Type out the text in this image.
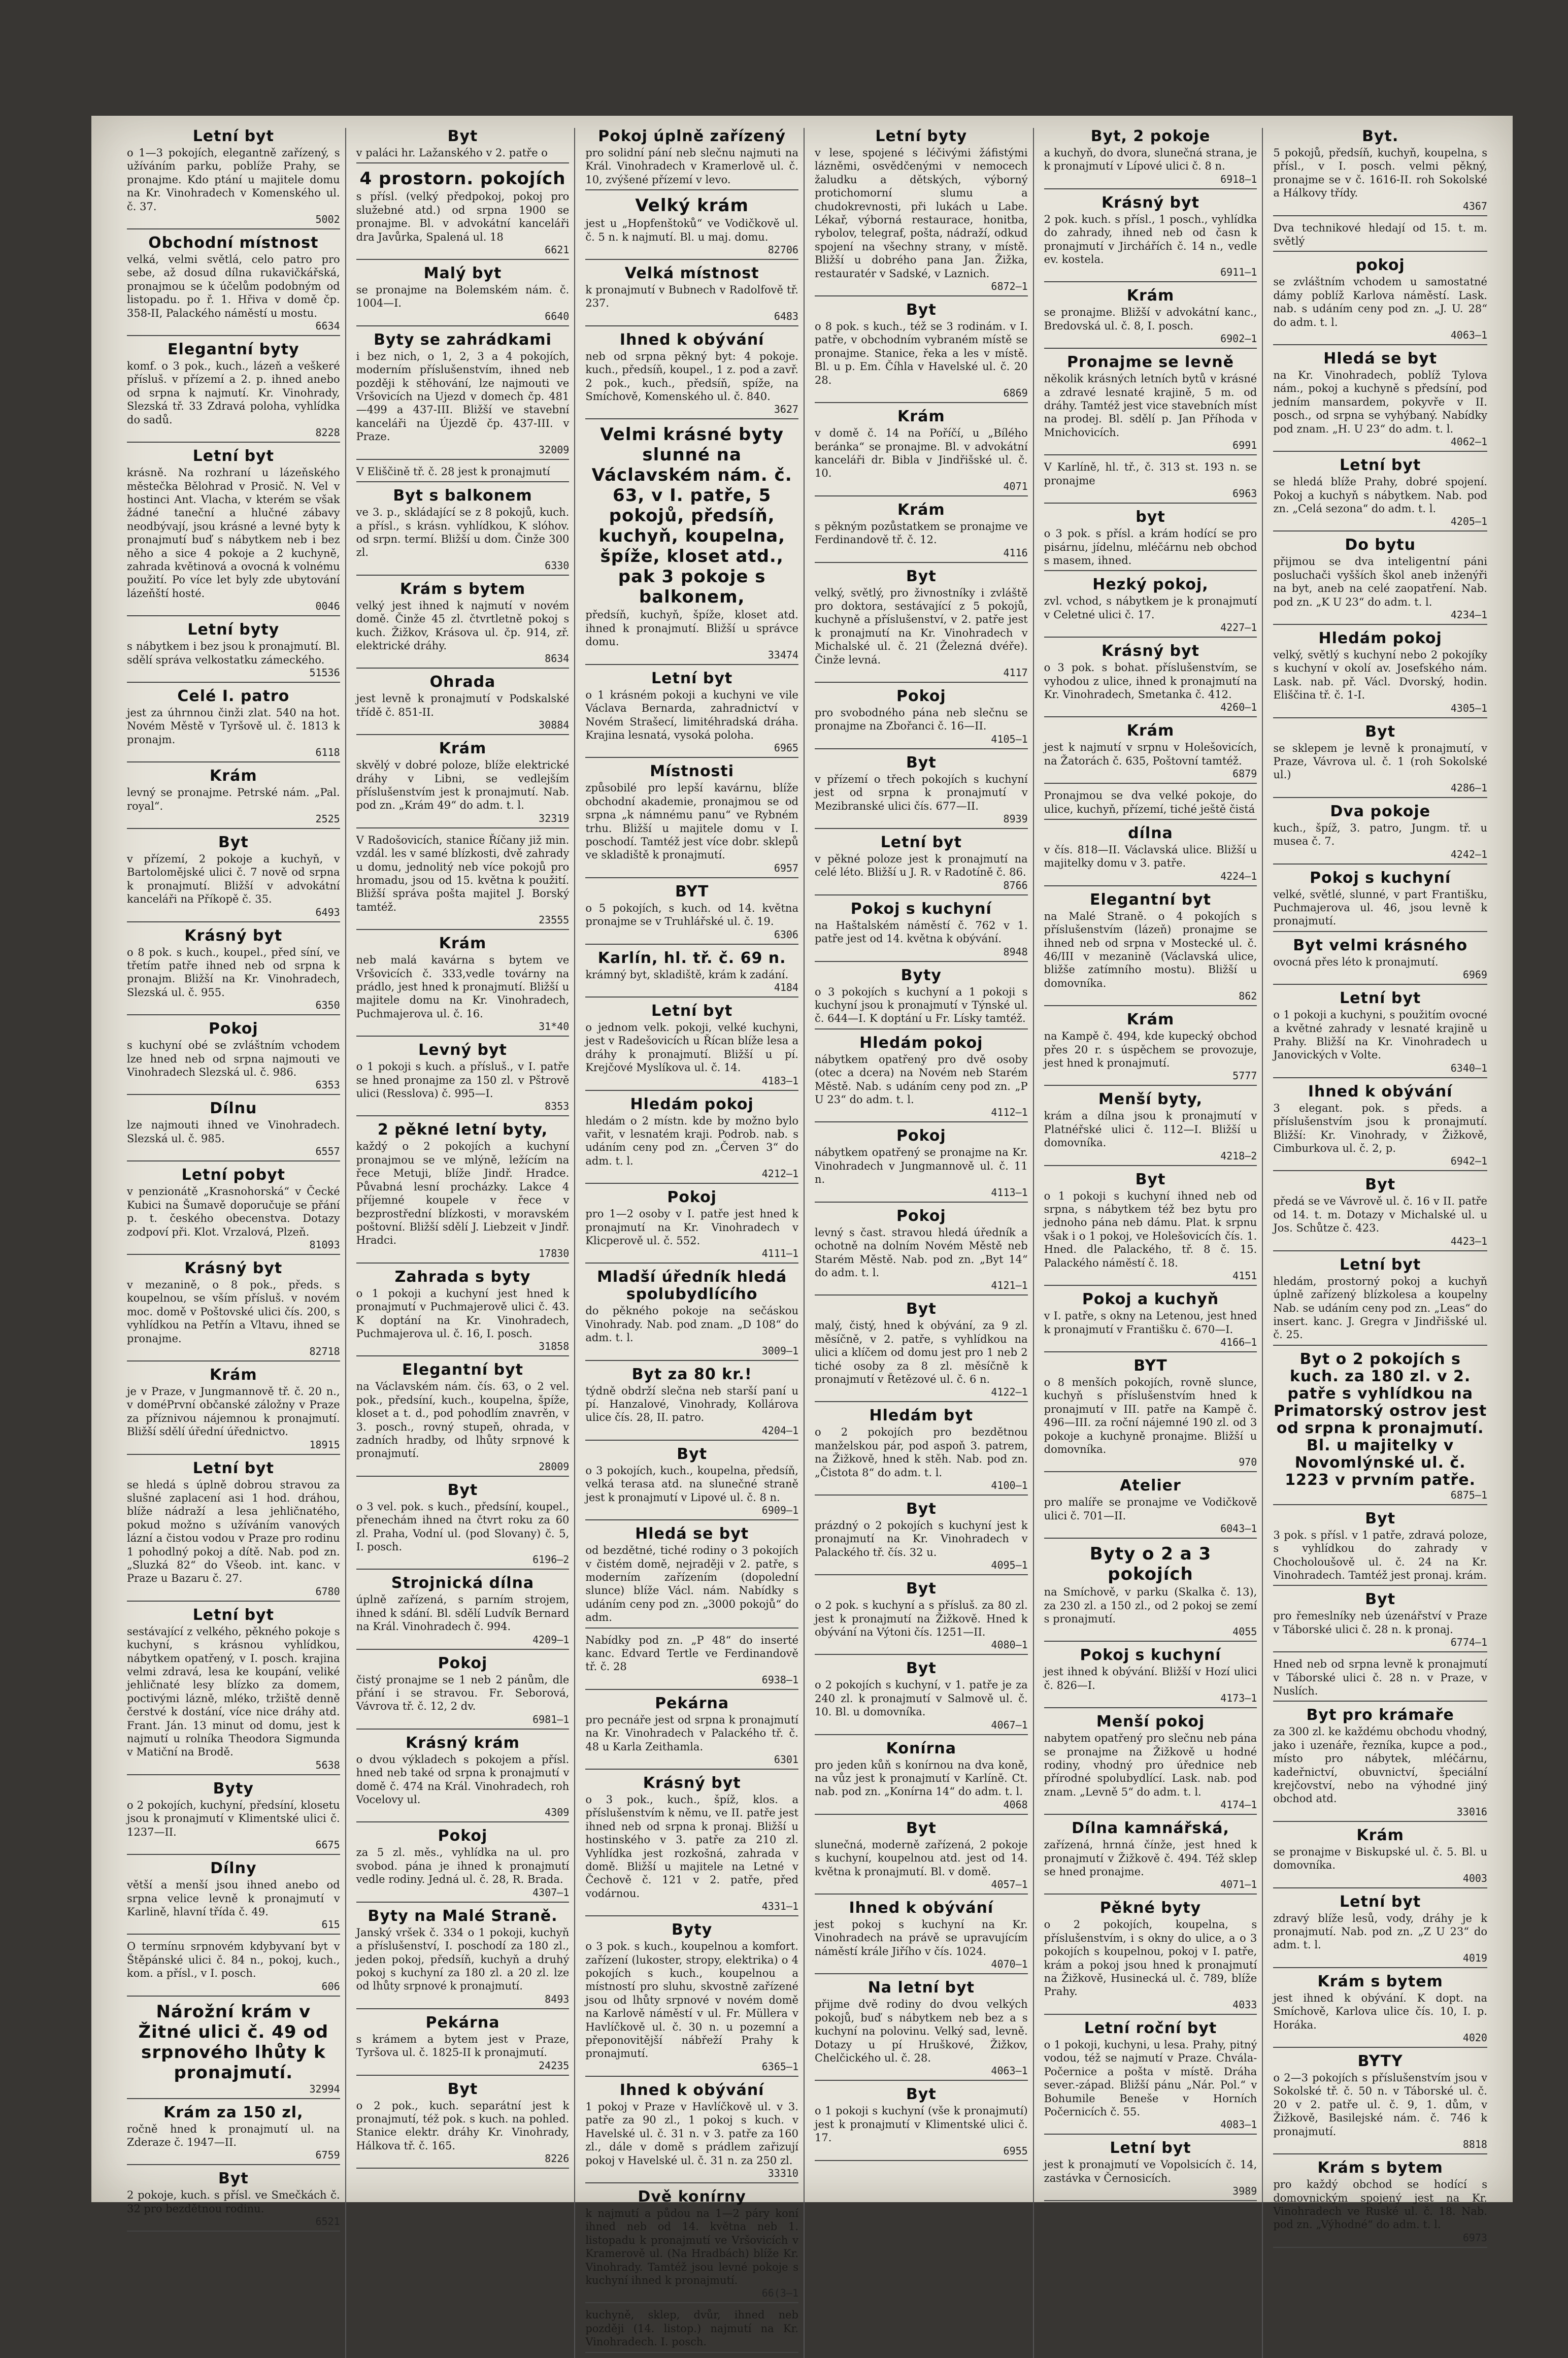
Letní byt

o 1—3 pokojích, elegantně zařízený, s užíváním parku, poblíže Prahy, se pronajme. Kdo ptání u majitele domu na Kr. Vinohradech v Komenského ul. č. 37.

5002
Obchodní místnost

velká, velmi světlá, celo patro pro sebe, až dosud dílna rukavičkářská, pronajmou se k účelům podobným od listopadu. po ř. 1. Hřiva v domě čp. 358-II, Palackého náměstí u mostu.

6634
Elegantní byty

komf. o 3 pok., kuch., lázeň a veškeré přísluš. v přízemí a 2. p. ihned anebo od srpna k najmutí. Kr. Vinohrady, Slezská tř. 33 Zdravá poloha, vyhlídka do sadů.

8228
Letní byt

krásně. Na rozhraní u lázeňského městečka Bělohrad v Prosič. N. Vel v hostinci Ant. Vlacha, v kterém se však žádné taneční a hlučné zábavy neodbývají, jsou krásné a levné byty k pronajmutí buď s nábytkem neb i bez něho a sice 4 pokoje a 2 kuchyně, zahrada květinová a ovocná k volnému použití. Po více let byly zde ubytování lázeňští hosté.

0046
Letní byty

s nábytkem i bez jsou k pronajmutí. Bl. sdělí správa velkostatku zámeckého.

51536
Celé I. patro

jest za úhrnnou činži zlat. 540 na hot. Novém Městě v Tyršově ul. č. 1813 k pronajm.

6118
Krám

levný se pronajme. Petrské nám. „Pal. royal“.

2525
Byt

v přízemí, 2 pokoje a kuchyň, v Bartolomějské ulici č. 7 nově od srpna k pronajmutí. Bližší v advokátní kanceláři na Příkopě č. 35.

6493
Krásný byt

o 8 pok. s kuch., koupel., před síní, ve třetím patře ihned neb od srpna k pronajm. Bližší na Kr. Vinohradech, Slezská ul. č. 955.

6350
Pokoj

s kuchyní obé se zvláštním vchodem lze hned neb od srpna najmouti ve Vinohradech Slezská ul. č. 986.

6353
Dílnu

lze najmouti ihned ve Vinohradech. Slezská ul. č. 985.

6557
Letní pobyt

v penzionátě „Krasnohorská“ v Čecké Kubici na Šumavě doporučuje se přání p. t. českého obecenstva. Dotazy zodpoví při. Klot. Vrzalová, Plzeň.

81093
Krásný byt

v mezanině, o 8 pok., předs. s koupelnou, se vším přísluš. v novém moc. domě v Poštovské ulici čís. 200, s vyhlídkou na Petřín a Vltavu, ihned se pronajme.

82718
Krám

je v Praze, v Jungmannově tř. č. 20 n., v doméPrvní občanské záložny v Praze za příznivou nájemnou k pronajmutí. Bližší sdělí úřední úřednictvo.

18915
Letní byt

se hledá s úplně dobrou stravou za slušné zaplacení asi 1 hod. dráhou, blíže nádraží a lesa jehličnatého, pokud možno s užíváním vanových lázní a čistou vodou v Praze pro rodinu 1 pohodlný pokoj a dítě. Nab. pod zn. „Sluzká 82“ do Všeob. int. kanc. v Praze u Bazaru č. 27.

6780
Letní byt

sestávající z velkého, pěkného pokoje s kuchyní, s krásnou vyhlídkou, nábytkem opatřený, v I. posch. krajina velmi zdravá, lesa ke koupání, veliké jehličnaté lesy blízko za domem, poctivými lázně, mléko, tržiště denně čerstvé k dostání, více nice dráhy atd. Frant. Ján. 13 minut od domu, jest k najmutí u rolníka Theodora Sigmunda v Matiční na Brodě.

5638
Byty

o 2 pokojích, kuchyní, předsíní, klosetu jsou k pronajmutí v Klimentské ulici č. 1237—II.

6675
Dílny

větší a menší jsou ihned anebo od srpna velice levně k pronajmutí v Karlině, hlavní třída č. 49.

615

O termínu srpnovém kdybyvaní byt v Štěpánské ulici č. 84 n., pokoj, kuch., kom. a přísl., v I. posch.

606
Nárožní krám v Žitné ulici č. 49 od srpnového lhůty k pronajmutí.
32994
Krám za 150 zl,

ročně hned k pronajmutí ul. na Zderaze č. 1947—II.

6759
Byt

2 pokoje, kuch. s přísl. ve Smečkách č. 32 pro bezdětnou rodinu.

6521
Byt

v paláci hr. Lažanského v 2. patře o

4 prostorn. pokojích

s přísl. (velký předpokoj, pokoj pro služebné atd.) od srpna 1900 se pronajme. Bl. v advokátní kanceláři dra Javůrka, Spalená ul. 18

6621
Malý byt

se pronajme na Bolemském nám. č. 1004—I.

6640
Byty se zahrádkami

i bez nich, o 1, 2, 3 a 4 pokojích, moderním příslušenstvím, ihned neb později k stěhování, lze najmouti ve Vršovicích na Ujezd v domech čp. 481—499 a 437-III. Bližší ve stavební kanceláři na Újezdě čp. 437-III. v Praze.

32009

V Eliščině tř. č. 28 jest k pronajmutí

Byt s balkonem

ve 3. p., skládající se z 8 pokojů, kuch. a přísl., s krásn. vyhlídkou, K slóhov. od srpn. termí. Bližší u dom. Činže 300 zl.

6330
Krám s bytem

velký jest ihned k najmutí v novém domě. Činže 45 zl. čtvrtletně pokoj s kuch. Žižkov, Krásova ul. čp. 914, zř. elektrické dráhy.

8634
Ohrada

jest levně k pronajmutí v Podskalské třídě č. 851-II.

30884
Krám

skvělý v dobré poloze, blíže elektrické dráhy v Libni, se vedlejším příslušenstvím jest k pronajmutí. Nab. pod zn. „Krám 49“ do adm. t. l.

32319

V Radošovicích, stanice Říčany již min. vzdál. les v samé blízkosti, dvě zahrady u domu, jednolitý neb více pokojů pro hromadu, jsou od 15. května k použití. Bližší správa pošta majitel J. Borský tamtéž.

23555
Krám

neb malá kavárna s bytem ve Vršovicích č. 333,vedle továrny na prádlo, jest hned k pronajmutí. Bližší u majitele domu na Kr. Vinohradech, Puchmajerova ul. č. 16.

31*40
Levný byt

o 1 pokoji s kuch. a přísluš., v I. patře se hned pronajme za 150 zl. v Pštrově ulici (Resslova) č. 995—I.

8353
2 pěkné letní byty,

každý o 2 pokojích a kuchyní pronajmou se ve mlýně, ležícím na řece Metuji, blíže Jindř. Hradce. Půvabná lesní procházky. Lakce 4 příjemné koupele v řece v bezprostřední blízkosti, v moravském poštovní. Bližší sdělí J. Liebzeit v Jindř. Hradci.

17830
Zahrada s byty

o 1 pokoji a kuchyní jest hned k pronajmutí v Puchmajerově ulici č. 43. K doptání na Kr. Vinohradech, Puchmajerova ul. č. 16, I. posch.

31858
Elegantní byt

na Václavském nám. čís. 63, o 2 vel. pok., předsíní, kuch., koupelna, špíže, kloset a t. d., pod pohodlím znavrěn, v 3. posch., rovný stupeň, ohrada, v zadních hradby, od lhůty srpnové k pronajmutí.

28009
Byt

o 3 vel. pok. s kuch., předsíní, koupel., přenechám ihned na čtvrt roku za 60 zl. Praha, Vodní ul. (pod Slovany) č. 5, I. posch.

6196—2
Strojnická dílna

úplně zařízená, s parním strojem, ihned k sdání. Bl. sdělí Ludvík Bernard na Král. Vinohradech č. 994.

4209—1
Pokoj

čistý pronajme se 1 neb 2 pánům, dle přání i se stravou. Fr. Seborová, Vávrova tř. č. 12, 2 dv.

6981—1
Krásný krám

o dvou výkladech s pokojem a přísl. hned neb také od srpna k pronajmutí v domě č. 474 na Král. Vinohradech, roh Vocelovy ul.

4309
Pokoj

za 5 zl. měs., vyhlídka na ul. pro svobod. pána je ihned k pronajmutí vedle rodiny. Jedná ul. č. 28, R. Brada.

4307—1
Byty na Malé Straně.

Janský vršek č. 334 o 1 pokoji, kuchyň a příslušenství, I. poschodí za 180 zl., jeden pokoj, předsíň, kuchyň a druhý pokoj s kuchyní za 180 zl. a 20 zl. lze od lhůty srpnové k pronajmutí.

8493
Pekárna

s krámem a bytem jest v Praze, Tyršova ul. č. 1825-II k pronajmutí.

24235
Byt

o 2 pok., kuch. separátní jest k pronajmutí, též pok. s kuch. na pohled. Stanice elektr. dráhy Kr. Vinohrady, Hálkova tř. č. 165.

8226
Pokoj úplně zařízený

pro solidní pání neb slečnu najmuti na Král. Vinohradech v Kramerlově ul. č. 10, zvýšené přízemí v levo.

Velký krám

jest u „Hopfenštoků“ ve Vodičkově ul. č. 5 n. k najmutí. Bl. u maj. domu.

82706
Velká místnost

k pronajmutí v Bubnech v Radolfově tř. 237.

6483
Ihned k obývání

neb od srpna pěkný byt: 4 pokoje. kuch., předsíň, koupel., 1 z. pod a zavř. 2 pok., kuch., předsíň, spíže, na Smíchově, Komenského ul. č. 840.

3627
Velmi krásné byty slunné na Václavském nám. č. 63, v I. patře, 5 pokojů, předsíň, kuchyň, koupelna, špíže, kloset atd., pak 3 pokoje s balkonem,

předsíň, kuchyň, špíže, kloset atd. ihned k pronajmutí. Bližší u správce domu.

33474
Letní byt

o 1 krásném pokoji a kuchyni ve vile Václava Bernarda, zahradnictví v Novém Strašecí, limitéhradská dráha. Krajina lesnatá, vysoká poloha.

6965
Místnosti

způsobilé pro lepší kavárnu, blíže obchodní akademie, pronajmou se od srpna „k námnému panu“ ve Rybném trhu. Bližší u majitele domu v I. poschodí. Tamtéž jest více dobr. sklepů ve skladiště k pronajmutí.

6957
BYT

o 5 pokojích, s kuch. od 14. května pronajme se v Truhlářské ul. č. 19.

6306
Karlín, hl. tř. č. 69 n.

krámný byt, skladiště, krám k zadání.

4184
Letní byt

o jednom velk. pokoji, velké kuchyni, jest v Radešovicích u Řícan blíže lesa a dráhy k pronajmutí. Bližší u pí. Krejčové Myslíkova ul. č. 14.

4183—1
Hledám pokoj

hledám o 2 místn. kde by možno bylo vařit, v lesnatém kraji. Podrob. nab. s udáním ceny pod zn. „Červen 3“ do adm. t. l.

4212—1
Pokoj

pro 1—2 osoby v I. patře jest hned k pronajmutí na Kr. Vinohradech v Klicperově ul. č. 552.

4111—1
Mladší úředník hledá spolubydlícího

do pěkného pokoje na sečáskou Vinohrady. Nab. pod znam. „D 108“ do adm. t. l.

3009—1
Byt za 80 kr.!

týdně obdrží slečna neb starší paní u pí. Hanzalové, Vinohrady, Kollárova ulice čís. 28, II. patro.

4204—1
Byt

o 3 pokojích, kuch., koupelna, předsíň, velká terasa atd. na slunečné straně jest k pronajmutí v Lipové ul. č. 8 n.

6909—1
Hledá se byt

od bezdětné, tiché rodiny o 3 pokojích v čistém domě, nejraději v 2. patře, s moderním zařízením (dopolední slunce) blíže Václ. nám. Nabídky s udáním ceny pod zn. „3000 pokojů“ do adm.

Nabídky pod zn. „P 48“ do inserté kanc. Edvard Tertle ve Ferdinandově tř. č. 28

6938—1
Pekárna

pro pecnáře jest od srpna k pronajmutí na Kr. Vinohradech v Palackého tř. č. 48 u Karla Zeithamla.

6301
Krásný byt

o 3 pok., kuch., špíž, klos. a příslušenstvím k němu, ve II. patře jest ihned neb od srpna k pronaj. Bližší u hostinského v 3. patře za 210 zl. Vyhlídka jest rozkošná, zahrada v domě. Bližší u majitele na Letné v Čechově č. 121 v 2. patře, před vodárnou.

4331—1
Byty

o 3 pok. s kuch., koupelnou a komfort. zařízení (lukoster, stropy, elektrika) o 4 pokojích s kuch., koupelnou a místností pro sluhu, skvostně zařízené jsou od lhůty srpnové v novém domě na Karlově náměstí v ul. Fr. Müllera v Havlíčkově ul. č. 30 n. u pozemní a přeponovitější nábřeží Prahy k pronajmutí.

6365—1
Ihned k obývání

1 pokoj v Praze v Havlíčkově ul. v 3. patře za 90 zl., 1 pokoj s kuch. v Havelské ul. č. 31 n. v 3. patře za 160 zl., dále v domě s prádlem zařizují pokoj v Havelské ul. č. 31 n. za 250 zl.

33310
Dvě konírny

k najmutí a půdou na 1—2 páry koní ihned neb od 14. května neb 1. listopadu k pronajmutí ve Vršovicích v Kramerově ul. (Na Hradbách) blíže Kr. Vinohrady. Tamtéž jsou levné pokoje s kuchyní ihned k pronajmutí.

66(3—1

kuchyně, sklep, dvůr, ihned neb později (14. listop.) najmutí na Kr. Vinohradech. I. posch.

Letní byty

v lese, spojené s léčivými žáfistými lázněmi, osvědčenými v nemocech žaludku a dětských, výborný protichomorní slumu a chudokrevnosti, při lukách u Labe. Lékař, výborná restaurace, honitba, rybolov, telegraf, pošta, nádraží, odkud spojení na všechny strany, v místě. Bližší u dobrého pana Jan. Žižka, restauratér v Sadské, v Laznich.

6872—1
Byt

o 8 pok. s kuch., též se 3 rodinám. v I. patře, v obchodním vybraném místě se pronajme. Stanice, řeka a les v místě. Bl. u p. Em. Číhla v Havelské ul. č. 20 28.

6869
Krám

v domě č. 14 na Poříčí, u „Bílého beránka“ se pronajme. Bl. v advokátní kanceláři dr. Bibla v Jindřišské ul. č. 10.

4071
Krám

s pěkným pozůstatkem se pronajme ve Ferdinandově tř. č. 12.

4116
Byt

velký, světlý, pro živnostníky i zvláště pro doktora, sestávající z 5 pokojů, kuchyně a příslušenství, v 2. patře jest k pronajmutí na Kr. Vinohradech v Michalské ul. č. 21 (Železná dvéře). Činže levná.

4117
Pokoj

pro svobodného pána neb slečnu se pronajme na Zbořanci č. 16—II.

4105—1
Byt

v přízemí o třech pokojích s kuchyní jest od srpna k pronajmutí v Mezibranské ulici čís. 677—II.

8939
Letní byt

v pěkné poloze jest k pronajmutí na celé léto. Bližší u J. R. v Radotíně č. 86.

8766
Pokoj s kuchyní

na Haštalském náměstí č. 762 v 1. patře jest od 14. května k obývání.

8948
Byty

o 3 pokojích s kuchyní a 1 pokoji s kuchyní jsou k pronajmutí v Týnské ul. č. 644—I. K doptání u Fr. Lísky tamtéž.

Hledám pokoj

nábytkem opatřený pro dvě osoby (otec a dcera) na Novém neb Starém Městě. Nab. s udáním ceny pod zn. „P U 23“ do adm. t. l.

4112—1
Pokoj

nábytkem opatřený se pronajme na Kr. Vinohradech v Jungmannově ul. č. 11 n.

4113—1
Pokoj

levný s čast. stravou hledá úředník a ochotně na dolním Novém Městě neb Starém Městě. Nab. pod zn. „Byt 14“ do adm. t. l.

4121—1
Byt

malý, čistý, hned k obývání, za 9 zl. měsíčně, v 2. patře, s vyhlídkou na ulici a klíčem od domu jest pro 1 neb 2 tiché osoby za 8 zl. měsíčně k pronajmutí v Řetězové ul. č. 6 n.

4122—1
Hledám byt

o 2 pokojích pro bezdětnou manželskou pár, pod aspoň 3. patrem, na Žižkově, hned k stěh. Nab. pod zn. „Čistota 8“ do adm. t. l.

4100—1
Byt

prázdný o 2 pokojích s kuchyní jest k pronajmutí na Kr. Vinohradech v Palackého tř. čís. 32 u.

4095—1
Byt

o 2 pok. s kuchyní a s přísluš. za 80 zl. jest k pronajmutí na Žižkově. Hned k obývání na Výtoni čís. 1251—II.

4080—1
Byt

o 2 pokojích s kuchyní, v 1. patře je za 240 zl. k pronajmutí v Salmově ul. č. 10. Bl. u domovníka.

4067—1
Konírna

pro jeden kůň s konírnou na dva koně, na vůz jest k pronajmutí v Karlíně. Ct. nab. pod zn. „Konírna 14“ do adm. t. l.

4068
Byt

slunečná, moderně zařízená, 2 pokoje s kuchyní, koupelnou atd. jest od 14. května k pronajmutí. Bl. v domě.

4057—1
Ihned k obývání

jest pokoj s kuchyní na Kr. Vinohradech na právě se upravujícím náměstí krále Jiřího v čís. 1024.

4070—1
Na letní byt

přijme dvě rodiny do dvou velkých pokojů, buď s nábytkem neb bez a s kuchyní na polovinu. Velký sad, levně. Dotazy u pí Hruškové, Žižkov, Chelčického ul. č. 28.

4063—1
Byt

o 1 pokoji s kuchyní (vše k pronajmutí) jest k pronajmutí v Klimentské ulici č. 17.

6955
Byt, 2 pokoje

a kuchyň, do dvora, slunečná strana, je k pronajmutí v Lípové ulici č. 8 n.

6918—1
Krásný byt

2 pok. kuch. s přísl., 1 posch., vyhlídka do zahrady, ihned neb od časn k pronajmutí v Jirchářích č. 14 n., vedle ev. kostela.

6911—1
Krám

se pronajme. Bližší v advokátní kanc., Bredovská ul. č. 8, I. posch.

6902—1
Pronajme se levně

několik krásných letních bytů v krásné a zdravé lesnaté krajině, 5 m. od dráhy. Tamtéž jest vice stavebních míst na prodej. Bl. sdělí p. Jan Příhoda v Mnichovicích.

6991

V Karlíně, hl. tř., č. 313 st. 193 n. se pronajme

6963
byt

o 3 pok. s přísl. a krám hodící se pro pisárnu, jídelnu, mléčárnu neb obchod s masem, ihned.

Hezký pokoj,

zvl. vchod, s nábytkem je k pronajmutí v Celetné ulici č. 17.

4227—1
Krásný byt

o 3 pok. s bohat. příslušenstvím, se vyhodou z ulice, ihned k pronajmutí na Kr. Vinohradech, Smetanka č. 412.

4260—1
Krám

jest k najmutí v srpnu v Holešovicích, na Žatorách č. 635, Poštovní tamtéž.

6879

Pronajmou se dva velké pokoje, do ulice, kuchyň, přízemí, tiché ještě čistá

dílna

v čís. 818—II. Václavská ulice. Bližší u majitelky domu v 3. patře.

4224—1
Elegantní byt

na Malé Straně. o 4 pokojích s příslušenstvím (lázeň) pronajme se ihned neb od srpna v Mostecké ul. č. 46/III v mezanině (Václavská ulice, bližše zatímního mostu). Bližší u domovníka.

862
Krám

na Kampě č. 494, kde kupecký obchod přes 20 r. s úspěchem se provozuje, jest hned k pronajmutí.

5777
Menší byty,

krám a dílna jsou k pronajmutí v Platnéřské ulici č. 112—I. Bližší u domovníka.

4218—2
Byt

o 1 pokoji s kuchyní ihned neb od srpna, s nábytkem též bez bytu pro jednoho pána neb dámu. Plat. k srpnu však i o 1 pokoj, ve Holešovicích čís. 1. Hned. dle Palackého, tř. 8 č. 15. Palackého náměstí č. 18.

4151
Pokoj a kuchyň

v I. patře, s okny na Letenou, jest hned k pronajmutí v Františku č. 670—I.

4166—1
BYT

o 8 menších pokojích, rovně slunce, kuchyň s příslušenstvím hned k pronajmutí v III. patře na Kampě č. 496—III. za roční nájemné 190 zl. od 3 pokoje a kuchyně pronajme. Bližší u domovníka.

970
Atelier

pro malíře se pronajme ve Vodičkově ulici č. 701—II.

6043—1
Byty o 2 a 3 pokojích

na Smíchově, v parku (Skalka č. 13), za 230 zl. a 150 zl., od 2 pokoj se zemí s pronajmutí.

4055
Pokoj s kuchyní

jest ihned k obývání. Bližší v Hozí ulici č. 826—I.

4173—1
Menší pokoj

nabytem opatřený pro slečnu neb pána se pronajme na Žižkově u hodné rodiny, vhodný pro úřednice neb přírodné spolubydlící. Lask. nab. pod znam. „Levně 5“ do adm. t. l.

4174—1
Dílna kamnářská,

zařízená, hrnná čínže, jest hned k pronajmutí v Žižkově č. 494. Též sklep se hned pronajme.

4071—1
Pěkné byty

o 2 pokojích, koupelna, s příslušenstvím, i s okny do ulice, a o 3 pokojích s koupelnou, pokoj v I. patře, krám a pokoj jsou hned k pronajmutí na Žižkově, Husinecká ul. č. 789, blíže Prahy.

4033
Letní roční byt

o 1 pokoji, kuchyni, u lesa. Prahy, pitný vodou, též se najmutí v Praze. Chvála-Počernice a pošta v místě. Dráha sever.-západ. Bližší pánu „Nár. Pol.“ v Bohumile Beneše v Horních Počernicích č. 55.

4083—1
Letní byt

jest k pronajmutí ve Vopolsicích č. 14, zastávka v Černosicích.

3989
Byt.

5 pokojů, předsíň, kuchyň, koupelna, s přísl., v I. posch. velmi pěkný, pronajme se v č. 1616-II. roh Sokolské a Hálkovy třídy.

4367

Dva technikové hledají od 15. t. m. světlý

pokoj

se zvláštním vchodem u samostatné dámy poblíž Karlova náměstí. Lask. nab. s udáním ceny pod zn. „J. U. 28“ do adm. t. l.

4063—1
Hledá se byt

na Kr. Vinohradech, poblíž Tylova nám., pokoj a kuchyně s předsíní, pod jedním mansardem, pokyvře v II. posch., od srpna se vyhýbaný. Nabídky pod znam. „H. U 23“ do adm. t. l.

4062—1
Letní byt

se hledá blíže Prahy, dobré spojení. Pokoj a kuchyň s nábytkem. Nab. pod zn. „Celá sezona“ do adm. t. l.

4205—1
Do bytu

přijmou se dva inteligentní páni posluchači vyšších škol aneb inženýři na byt, aneb na celé zaopatření. Nab. pod zn. „K U 23“ do adm. t. l.

4234—1
Hledám pokoj

velký, světlý s kuchyní nebo 2 pokojíky s kuchyní v okolí av. Josefského nám. Lask. nab. př. Václ. Dvorský, hodin. Eliščina tř. č. 1-I.

4305—1
Byt

se sklepem je levně k pronajmutí, v Praze, Vávrova ul. č. 1 (roh Sokolské ul.)

4286—1
Dva pokoje

kuch., špíž, 3. patro, Jungm. tř. u musea č. 7.

4242—1
Pokoj s kuchyní

velké, světlé, slunné, v part Františku, Puchmajerova ul. 46, jsou levně k pronajmutí.

Byt velmi krásného

ovocná přes léto k pronajmutí.

6969
Letní byt

o 1 pokoji a kuchyni, s použitím ovocné a květné zahrady v lesnaté krajině u Prahy. Bližší na Kr. Vinohradech u Janovických v Volte.

6340—1
Ihned k obývání

3 elegant. pok. s předs. a příslušenstvím jsou k pronajmutí. Bližší: Kr. Vinohrady, v Žižkově, Cimburkova ul. č. 2, p.

6942—1
Byt

předá se ve Vávrově ul. č. 16 v II. patře od 14. t. m. Dotazy v Michalské ul. u Jos. Schůtze č. 423.

4423—1
Letní byt

hledám, prostorný pokoj a kuchyň úplně zařízený blízkolesa a koupelny Nab. se udáním ceny pod zn. „Leas“ do insert. kanc. J. Gregra v Jindřišské ul. č. 25.

Byt o 2 pokojích s kuch. za 180 zl. v 2. patře s vyhlídkou na Primatorský ostrov jest od srpna k pronajmutí. Bl. u majitelky v Novomlýnské ul. č. 1223 v prvním patře.
6875—1
Byt

3 pok. s přísl. v 1 patře, zdravá poloze, s vyhlídkou do zahrady v Chocholoušově ul. č. 24 na Kr. Vinohradech. Tamtéž jest pronaj. krám.

Byt

pro řemeslníky neb úzenářství v Praze v Táborské ulici č. 28 n. k pronaj.

6774—1

Hned neb od srpna levně k pronajmutí v Táborské ulici č. 28 n. v Praze, v Nuslích.

Byt pro krámaře

za 300 zl. ke každému obchodu vhodný, jako i uzenáře, řezníka, kupce a pod., místo pro nábytek, mléčárnu, kadeřnictví, obuvnictví, špeciální krejčovství, nebo na výhodné jiný obchod atd.

33016
Krám

se pronajme v Biskupské ul. č. 5. Bl. u domovníka.

4003
Letní byt

zdravý blíže lesů, vody, dráhy je k pronajmutí. Nab. pod zn. „Z U 23“ do adm. t. l.

4019
Krám s bytem

jest ihned k obývání. K dopt. na Smíchově, Karlova ulice čís. 10, I. p. Horáka.

4020
BYTY

o 2—3 pokojích s příslušenstvím jsou v Sokolské tř. č. 50 n. v Táborské ul. č. 20 v 2. patře ul. č. 9, 1. dům, v Žižkově, Basilejské nám. č. 746 k pronajmutí.

8818
Krám s bytem

pro každý obchod se hodící s domovnickým spojený jest na Kr. Vinohradech ve Ruské ul. č. 18. Nab. pod zn. „Výhodné“ do adm. t. l.

6973
